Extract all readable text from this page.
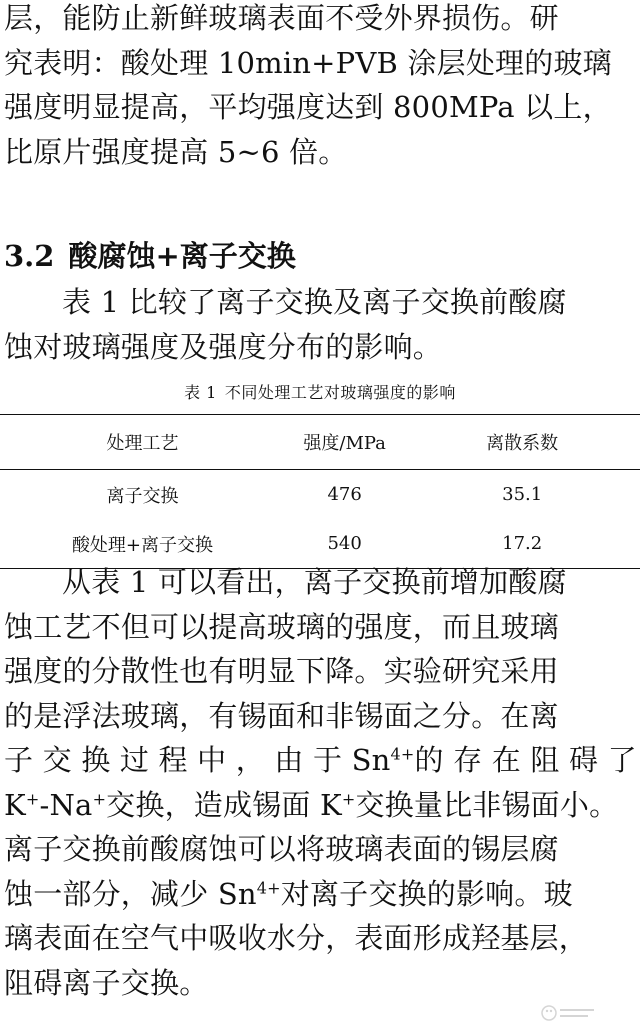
层，能防止新鲜玻璃表面不受外界损伤。研
究表明：酸处理 10min+PVB 涂层处理的玻璃
强度明显提高，平均强度达到 800MPa 以上，
比原片强度提高 5~6 倍。

3.2 酸腐蚀+离子交换

表 1 比较了离子交换及离子交换前酸腐
蚀对玻璃强度及强度分布的影响。

表 1 不同处理工艺对玻璃强度的影响
处理工艺	强度/MPa	离散系数
离子交换	476	35.1
酸处理+离子交换	540	17.2

从表 1 可以看出，离子交换前增加酸腐
蚀工艺不但可以提高玻璃的强度，而且玻璃
强度的分散性也有明显下降。实验研究采用
的是浮法玻璃，有锡面和非锡面之分。在离
子 交 换 过 程 中 ， 由 于 $Sn^{4+}$的 存 在 阻 碍 了
K+-Na+交换，造成锡面 K+交换量比非锡面小。
离子交换前酸腐蚀可以将玻璃表面的锡层腐
蚀一部分，减少 $Sn^{4+}$对离子交换的影响。玻
璃表面在空气中吸收水分，表面形成羟基层，
阻碍离子交换。
